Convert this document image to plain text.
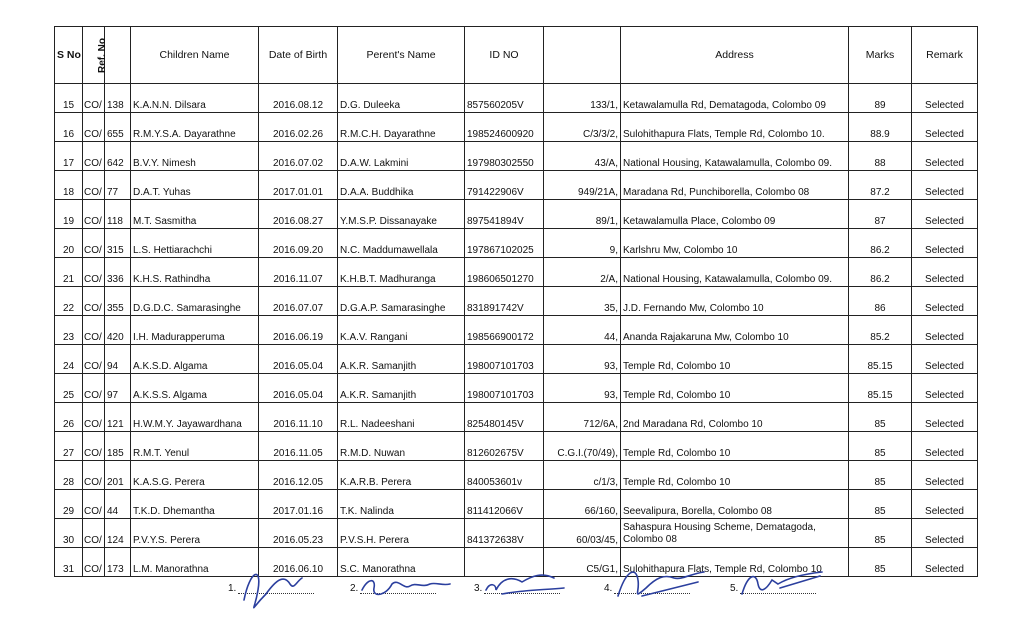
S No	Ref. No		Children Name	Date of Birth	Perent's Name	ID NO		Address	Marks	Remark
15	CO/	138	K.A.N.N. Dilsara	2016.08.12	D.G. Duleeka	857560205V	133/1,	Ketawalamulla Rd, Dematagoda, Colombo 09	89	Selected
16	CO/	655	R.M.Y.S.A. Dayarathne	2016.02.26	R.M.C.H. Dayarathne	198524600920	C/3/3/2,	Sulohithapura Flats, Temple Rd, Colombo 10.	88.9	Selected
17	CO/	642	B.V.Y. Nimesh	2016.07.02	D.A.W. Lakmini	197980302550	43/A,	National Housing, Katawalamulla, Colombo 09.	88	Selected
18	CO/	77	D.A.T. Yuhas	2017.01.01	D.A.A. Buddhika	791422906V	949/21A,	Maradana Rd, Punchiborella, Colombo 08	87.2	Selected
19	CO/	118	M.T. Sasmitha	2016.08.27	Y.M.S.P. Dissanayake	897541894V	89/1,	Ketawalamulla Place, Colombo 09	87	Selected
20	CO/	315	L.S. Hettiarachchi	2016.09.20	N.C. Maddumawellala	197867102025	9,	Karlshru Mw, Colombo 10	86.2	Selected
21	CO/	336	K.H.S. Rathindha	2016.11.07	K.H.B.T. Madhuranga	198606501270	2/A,	National Housing, Katawalamulla, Colombo 09.	86.2	Selected
22	CO/	355	D.G.D.C. Samarasinghe	2016.07.07	D.G.A.P. Samarasinghe	831891742V	35,	J.D. Fernando Mw, Colombo 10	86	Selected
23	CO/	420	I.H. Madurapperuma	2016.06.19	K.A.V. Rangani	198566900172	44,	Ananda Rajakaruna Mw, Colombo 10	85.2	Selected
24	CO/	94	A.K.S.D. Algama	2016.05.04	A.K.R. Samanjith	198007101703	93,	Temple Rd, Colombo 10	85.15	Selected
25	CO/	97	A.K.S.S. Algama	2016.05.04	A.K.R. Samanjith	198007101703	93,	Temple Rd, Colombo 10	85.15	Selected
26	CO/	121	H.W.M.Y. Jayawardhana	2016.11.10	R.L. Nadeeshani	825480145V	712/6A,	2nd Maradana Rd, Colombo 10	85	Selected
27	CO/	185	R.M.T. Yenul	2016.11.05	R.M.D. Nuwan	812602675V	C.G.I.(70/49),	Temple Rd, Colombo 10	85	Selected
28	CO/	201	K.A.S.G. Perera	2016.12.05	K.A.R.B. Perera	840053601v	c/1/3,	Temple Rd, Colombo 10	85	Selected
29	CO/	44	T.K.D. Dhemantha	2017.01.16	T.K. Nalinda	811412066V	66/160,	Seevalipura, Borella, Colombo 08	85	Selected
30	CO/	124	P.V.Y.S. Perera	2016.05.23	P.V.S.H. Perera	841372638V	60/03/45,	Sahaspura Housing Scheme, Dematagoda, Colombo 08	85	Selected
31	CO/	173	L.M. Manorathna	2016.06.10	S.C. Manorathna		C5/G1,	Sulohithapura Flats, Temple Rd, Colombo 10	85	Selected
1.	2.	3.	4.	5.
